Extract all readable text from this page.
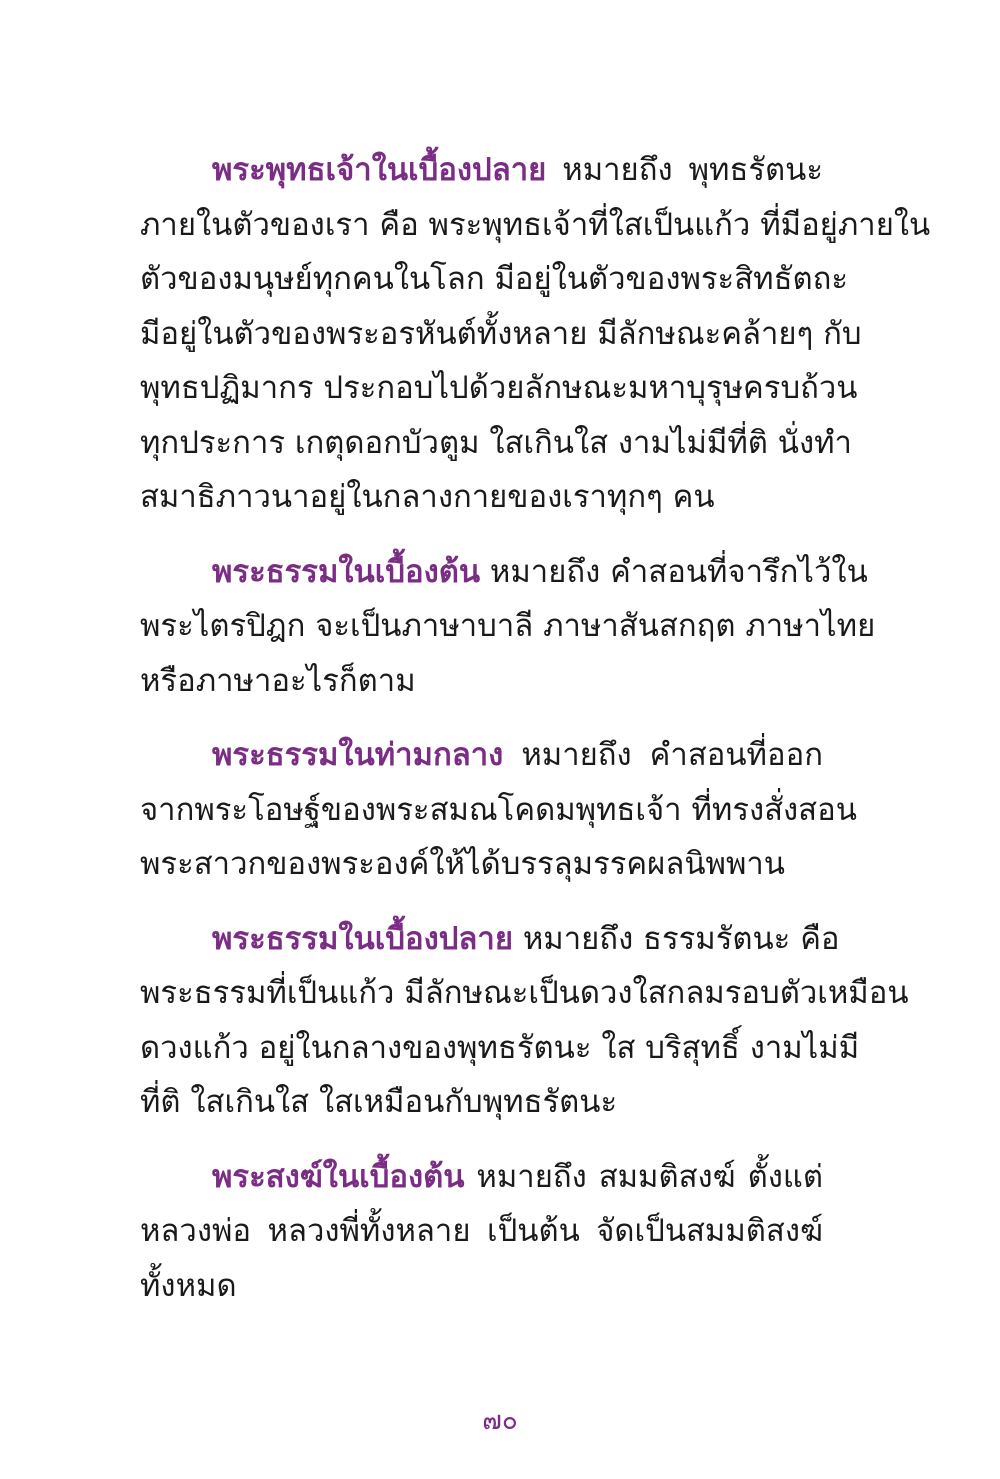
พระพุทธเจ้าในเบื้องปลาย หมายถึง พุทธรัตนะ
ภายในตัวของเรา คือ พระพุทธเจ้าที่ใสเป็นแก้ว ที่มีอยู่ภายใน
ตัวของมนุษย์ทุกคนในโลก มีอยู่ในตัวของพระสิทธัตถะ
มีอยู่ในตัวของพระอรหันต์ทั้งหลาย มีลักษณะคล้ายๆ กับ
พุทธปฏิมากร ประกอบไปด้วยลักษณะมหาบุรุษครบถ้วน
ทุกประการ เกตุดอกบัวตูม ใสเกินใส งามไม่มีที่ติ นั่งทำ
สมาธิภาวนาอยู่ในกลางกายของเราทุกๆ คน

พระธรรมในเบื้องต้น หมายถึง คำสอนที่จารึกไว้ใน
พระไตรปิฎก จะเป็นภาษาบาลี ภาษาสันสกฤต ภาษาไทย
หรือภาษาอะไรก็ตาม

พระธรรมในท่ามกลาง หมายถึง คำสอนที่ออก
จากพระโอษฐ์ของพระสมณโคดมพุทธเจ้า ที่ทรงสั่งสอน
พระสาวกของพระองค์ให้ได้บรรลุมรรคผลนิพพาน

พระธรรมในเบื้องปลาย หมายถึง ธรรมรัตนะ คือ
พระธรรมที่เป็นแก้ว มีลักษณะเป็นดวงใสกลมรอบตัวเหมือน
ดวงแก้ว อยู่ในกลางของพุทธรัตนะ ใส บริสุทธิ์ งามไม่มี
ที่ติ ใสเกินใส ใสเหมือนกับพุทธรัตนะ

พระสงฆ์ในเบื้องต้น หมายถึง สมมติสงฆ์ ตั้งแต่
หลวงพ่อ หลวงพี่ทั้งหลาย เป็นต้น จัดเป็นสมมติสงฆ์
ทั้งหมด

๗๐
